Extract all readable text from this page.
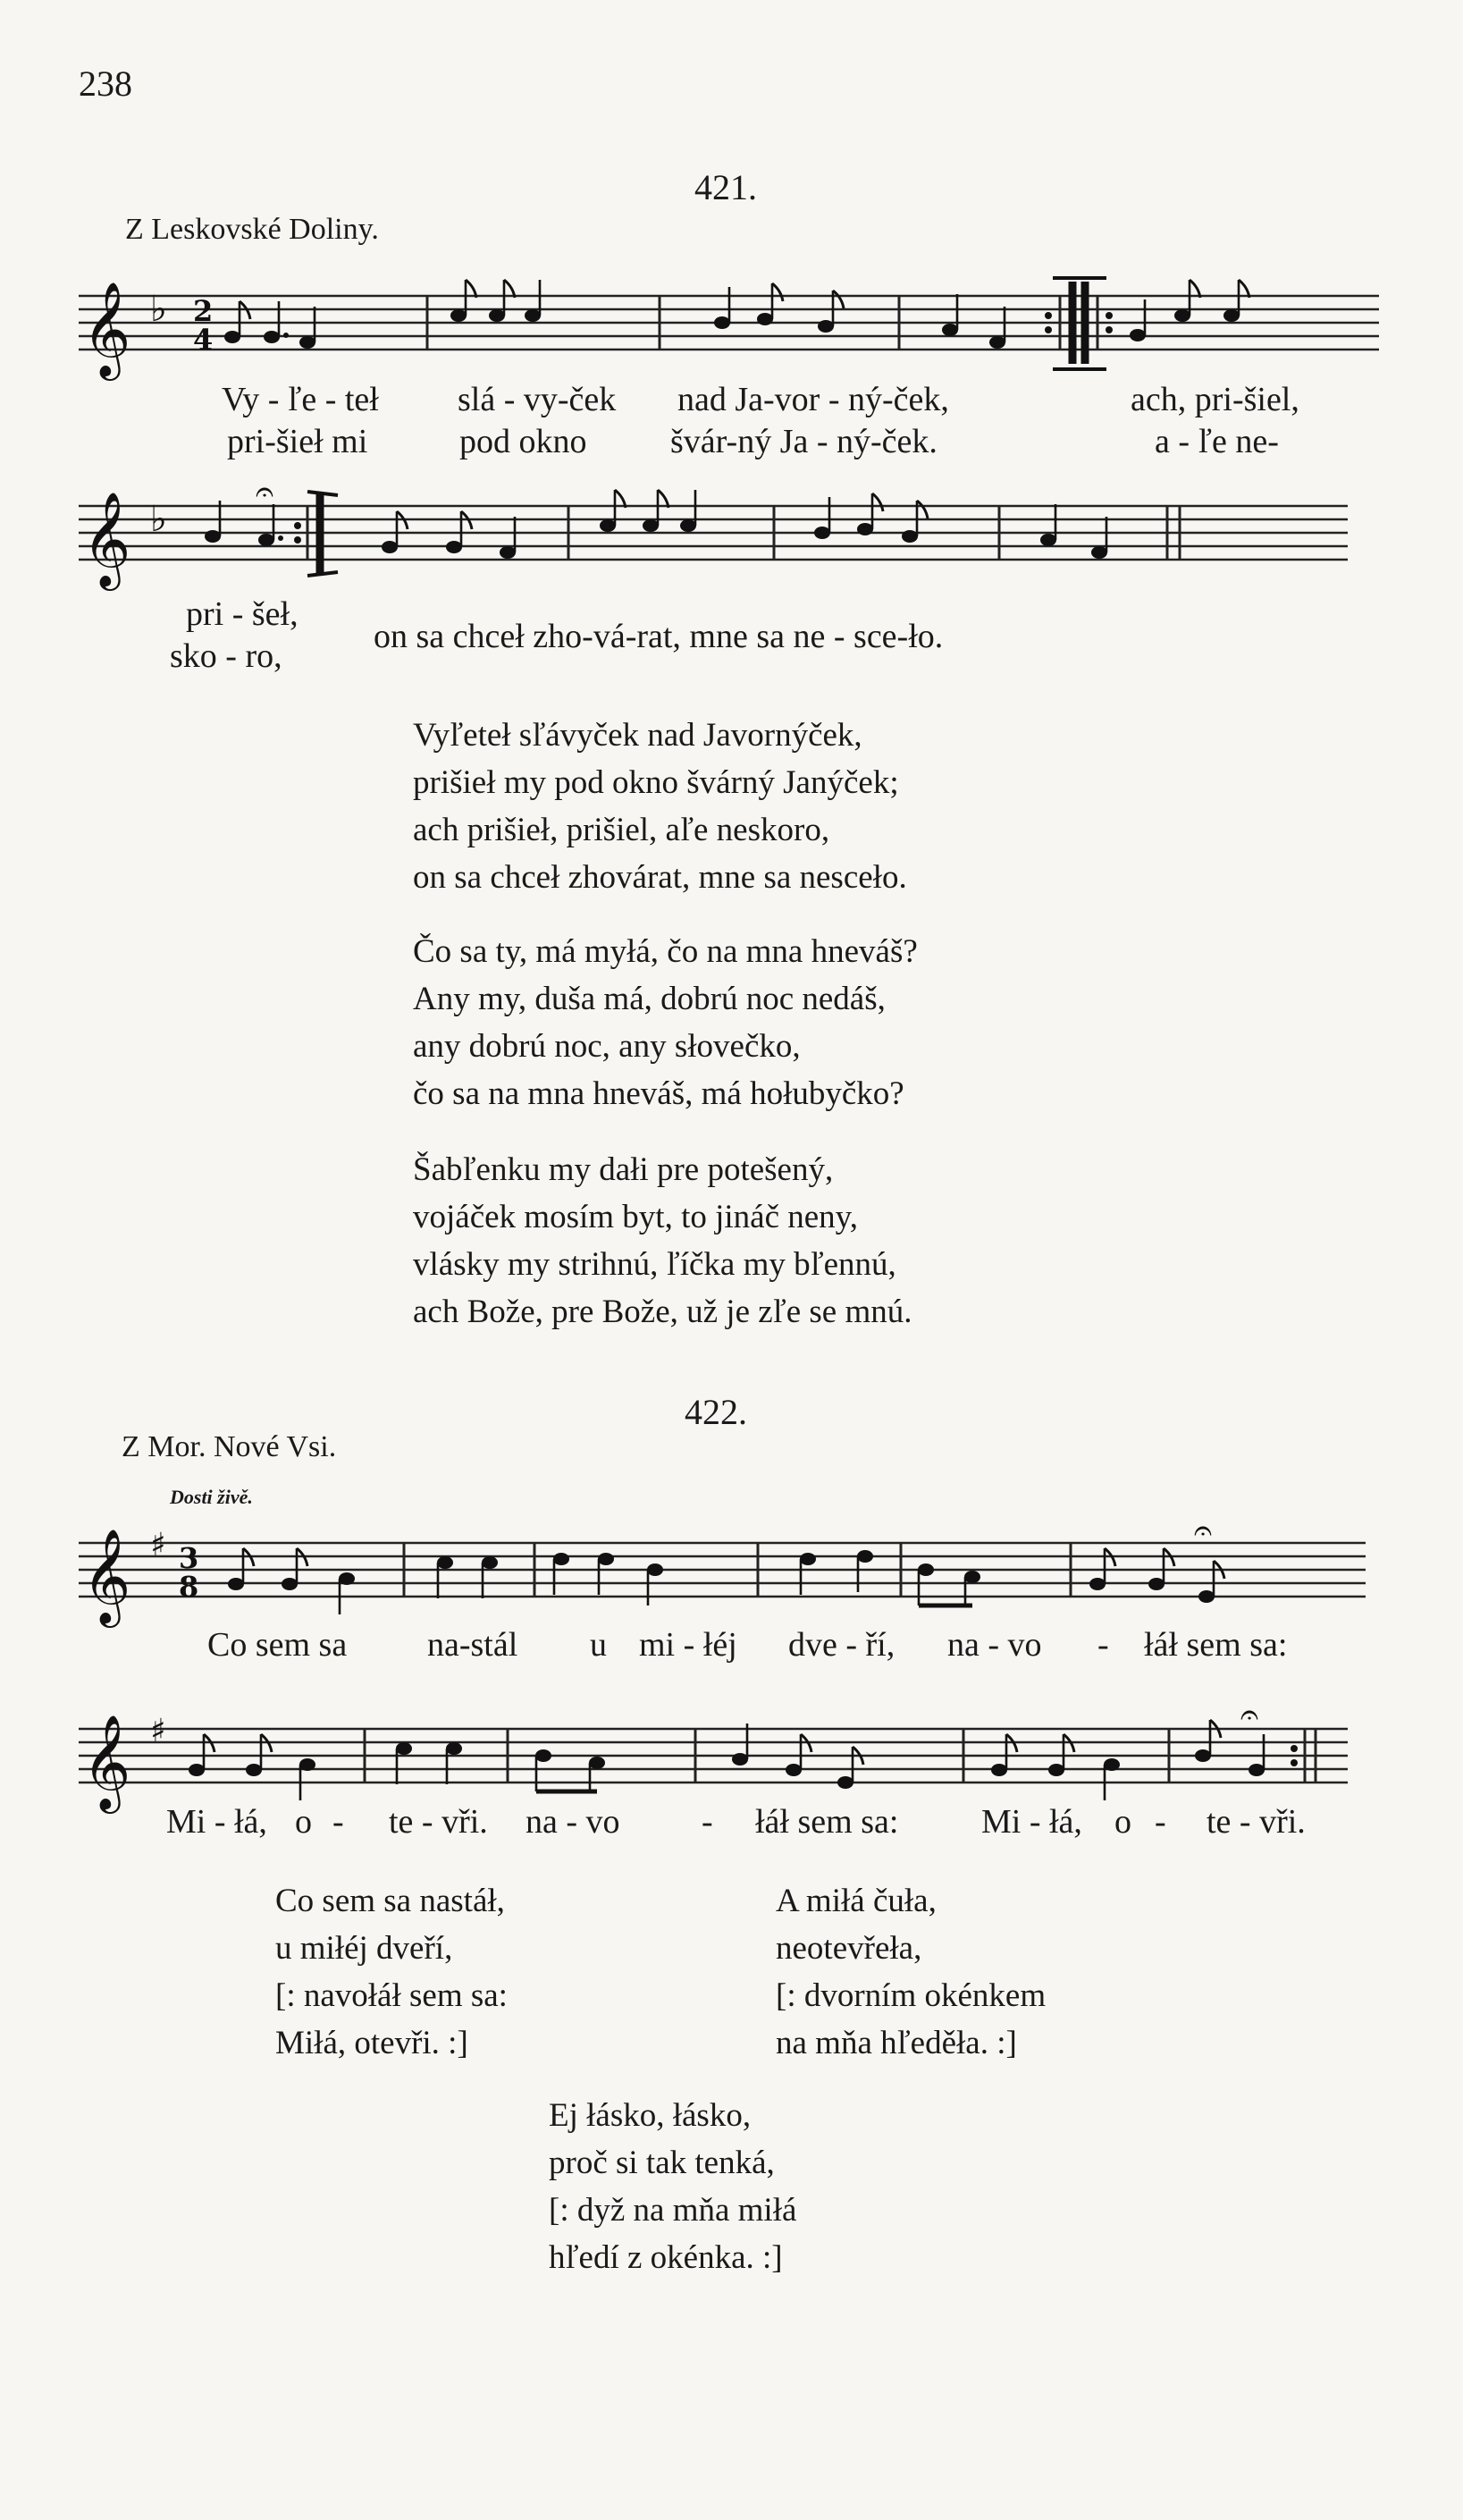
238
421.
Z Leskovské Doliny.
𝄞 ♭ 2
4
Vy - ľe - teł slá - vy-ček nad Ja-vor - ný-ček,	ach, pri-šiel,
pri-šieł mi	pod okno švár-ný Ja - ný-ček.	a - ľe ne-
𝄞 ♭
𝄐
pri - šeł,
sko - ro,
on sa chceł zho-vá-rat, mne sa ne - sce-ło.
Vyľeteł sľávyček nad Javornýček,
prišieł my pod okno švárný Janýček;
ach prišieł, prišiel, aľe neskoro,
on sa chceł zhovárat, mne sa nesceło.
Čo sa ty, má myłá, čo na mna hneváš?
Any my, duša má, dobrú noc nedáš,
any dobrú noc, any słovečko,
čo sa na mna hneváš, má hołubyčko?
Šabľenku my dałi pre potešený,
vojáček mosím byt, to jináč neny,
vlásky my strihnú, ľíčka my bľennú,
ach Bože, pre Bože, už je zľe se mnú.
422.
Z Mor. Nové Vsi.
Dosti živě.
𝄞 ♯ 3
8
𝄐
Co sem sa na-stál u mi - łéj dve - ří, na - vo - łáł sem sa:
𝄞 ♯	𝄐
Mi - łá, o - te - vři. na - vo - łáł sem sa: Mi - łá, o - te - vři.
Co sem sa nastáł,
u miłéj dveří,
[: navołáł sem sa:
Miłá, otevři. :]
A miłá čuła,
neotevřeła,
[: dvorním okénkem
na mňa hľeděła. :]
Ej łásko, łásko,
proč si tak tenká,
[: dyž na mňa miłá
hľedí z okénka. :]
